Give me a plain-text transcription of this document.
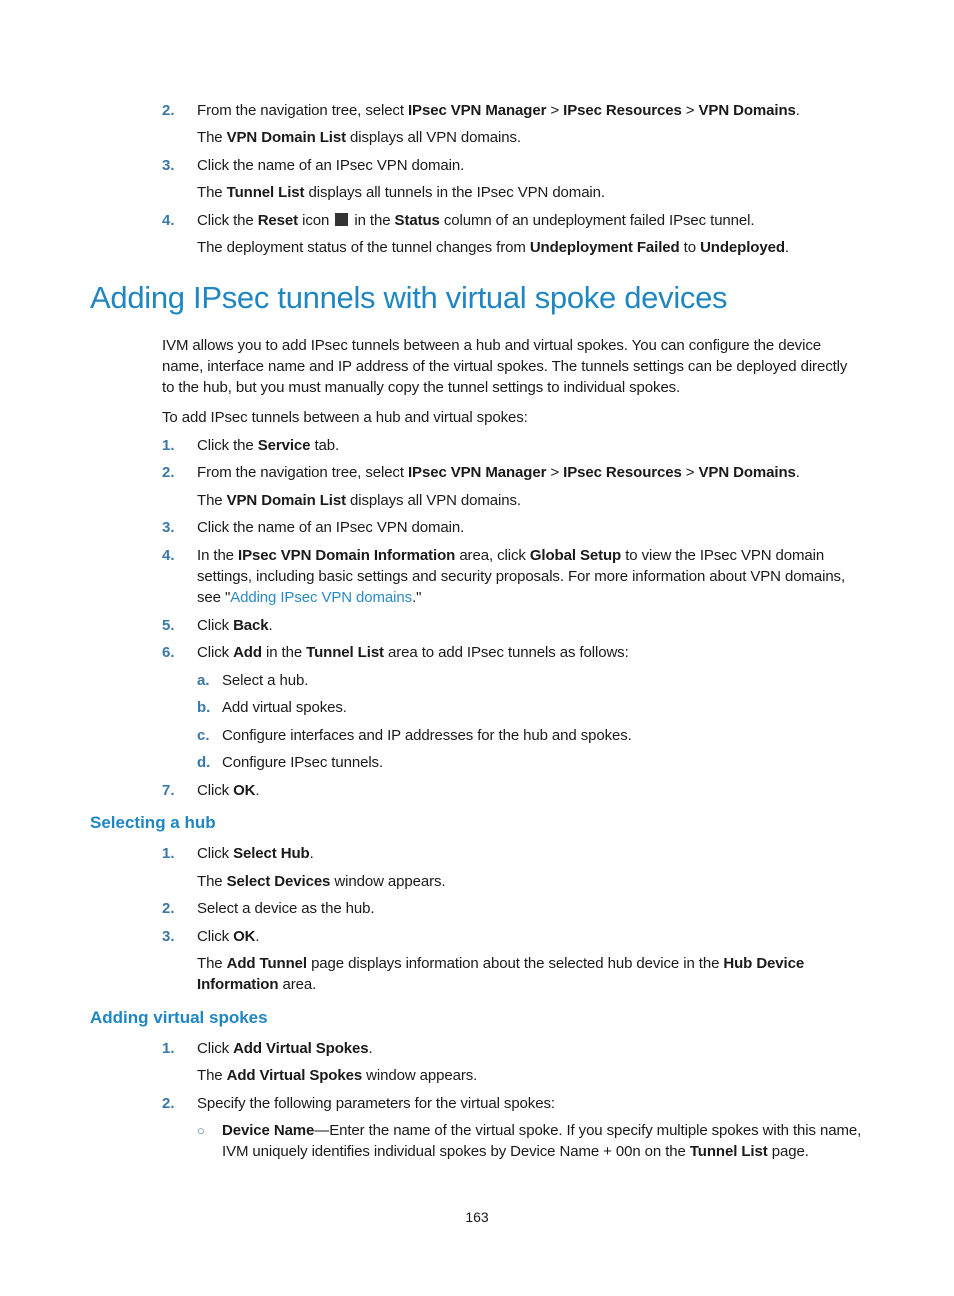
2.	From the navigation tree, select IPsec VPN Manager > IPsec Resources > VPN Domains.
The VPN Domain List displays all VPN domains.
3.	Click the name of an IPsec VPN domain.
The Tunnel List displays all tunnels in the IPsec VPN domain.
4.	Click the Reset icon  in the Status column of an undeployment failed IPsec tunnel.
The deployment status of the tunnel changes from Undeployment Failed to Undeployed.
Adding IPsec tunnels with virtual spoke devices
IVM allows you to add IPsec tunnels between a hub and virtual spokes. You can configure the device
name, interface name and IP address of the virtual spokes. The tunnels settings can be deployed directly
to the hub, but you must manually copy the tunnel settings to individual spokes.
To add IPsec tunnels between a hub and virtual spokes:
1.	Click the Service tab.
2.	From the navigation tree, select IPsec VPN Manager > IPsec Resources > VPN Domains.
The VPN Domain List displays all VPN domains.
3.	Click the name of an IPsec VPN domain.
4.	In the IPsec VPN Domain Information area, click Global Setup to view the IPsec VPN domain
settings, including basic settings and security proposals. For more information about VPN domains,
see "Adding IPsec VPN domains."
5.	Click Back.
6.	Click Add in the Tunnel List area to add IPsec tunnels as follows:
a. Select a hub.
b. Add virtual spokes.
c. Configure interfaces and IP addresses for the hub and spokes.
d. Configure IPsec tunnels.
7.	Click OK.
Selecting a hub
1.	Click Select Hub.
The Select Devices window appears.
2.	Select a device as the hub.
3.	Click OK.
The Add Tunnel page displays information about the selected hub device in the Hub Device
Information area.
Adding virtual spokes
1.	Click Add Virtual Spokes.
The Add Virtual Spokes window appears.
2.	Specify the following parameters for the virtual spokes:
○ Device Name—Enter the name of the virtual spoke. If you specify multiple spokes with this name,
IVM uniquely identifies individual spokes by Device Name + 00n on the Tunnel List page.
163
